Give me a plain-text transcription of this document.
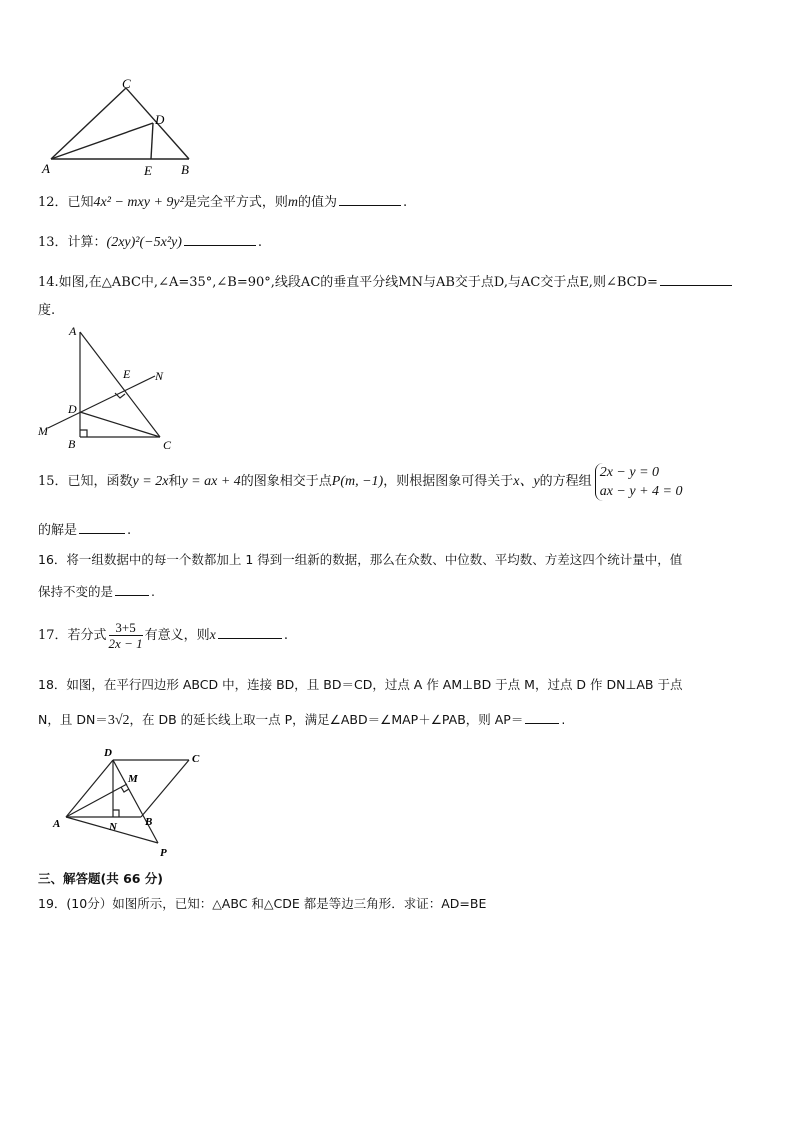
C
D
A	E B
12．已知4x² − mxy + 9y²是完全平方式，则m的值为	.
13．计算：(2xy)²(−5x²y)	.
14.如图,在△ABC中,∠A=35°,∠B=90°,线段AC的垂直平分线MN与AB交于点D,与AC交于点E,则∠BCD=
度.
A
E N
D
M
B	C
15．已知，函数y = 2x和y = ax + 4的图象相交于点P(m, −1)，则根据图象可得关于x、y的方程组
2x − y = 0
ax − y + 4 = 0
的解是	.
16．将一组数据中的每一个数都加上 1 得到一组新的数据，那么在众数、中位数、平均数、方差这四个统计量中，值
保持不变的是	.
17．若分式 $\frac{3+5}{2x - 1}$ 有意义，则x	.
18．如图，在平行四边形 ABCD 中，连接 BD，且 BD＝CD，过点 A 作 AM⊥BD 于点 M，过点 D 作 DN⊥AB 于点
N，且 DN＝3√2，在 DB 的延长线上取一点 P，满足∠ABD＝∠MAP＋∠PAB，则 AP＝	.
D	C
M
A	N	B
P
三、解答题(共 66 分)
19．(10分）如图所示，已知：△ABC 和△CDE 都是等边三角形．求证：AD=BE
